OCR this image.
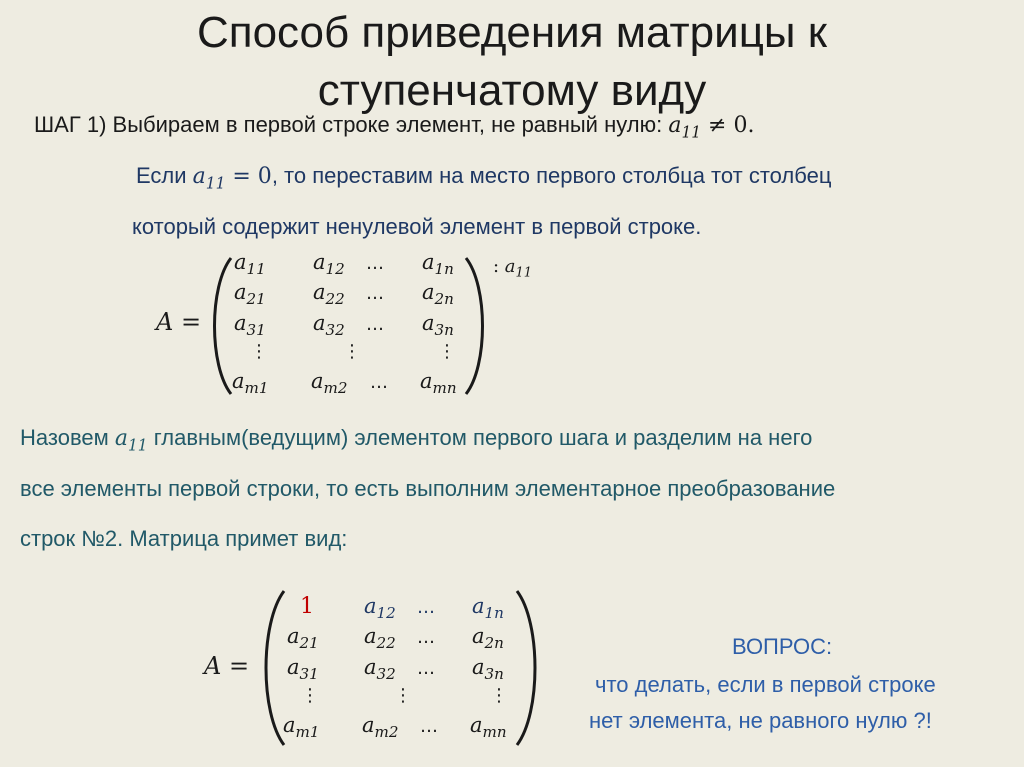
Способ приведения матрицы к
ступенчатому виду
ШАГ 1) Выбираем в первой строке элемент, не равный нулю: $a_{11} \ne 0$.
Если $a_{11} = 0$, то переставим на место первого столбца тот столбец
который содержит ненулевой элемент в первой строке.
A =
$a_{11}$ $a_{12}$ … $a_{1n}$
$a_{21}$ $a_{22}$ … $a_{2n}$
$a_{31}$ $a_{32}$ … $a_{3n}$
⋮	⋮	⋮
$a_{m1}$ $a_{m2}$ … $a_{mn}$
: $a_{11}$
Назовем $a_{11}$ главным(ведущим) элементом первого шага и разделим на него
все элементы первой строки, то есть выполним элементарное преобразование
строк №2. Матрица примет вид:
A =
1 $a_{12}$ … $a_{1n}$
$a_{21}$ $a_{22}$ … $a_{2n}$
$a_{31}$ $a_{32}$ … $a_{3n}$
⋮	⋮	⋮
$a_{m1}$ $a_{m2}$ … $a_{mn}$
ВОПРОС:
что делать, если в первой строке
нет элемента, не равного нулю ?!
